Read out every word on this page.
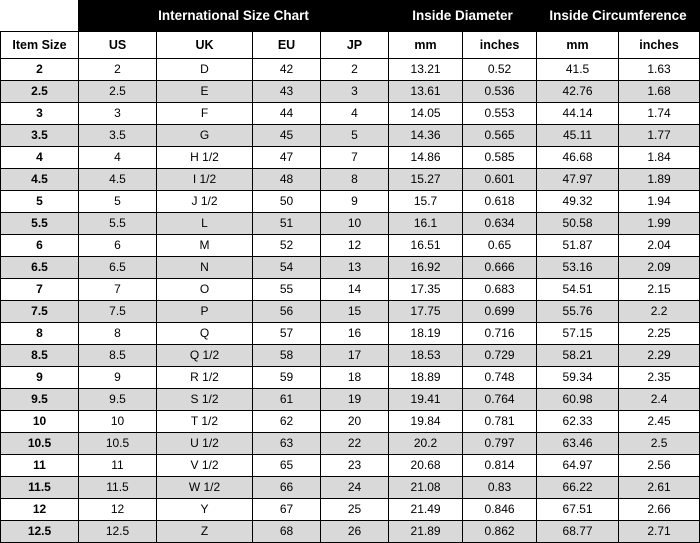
	International Size Chart				Inside Diameter		Inside Circumference	
Item Size	US	UK	EU	JP	mm	inches	mm	inches
2	2	D	42	2	13.21	0.52	41.5	1.63
2.5	2.5	E	43	3	13.61	0.536	42.76	1.68
3	3	F	44	4	14.05	0.553	44.14	1.74
3.5	3.5	G	45	5	14.36	0.565	45.11	1.77
4	4	H 1/2	47	7	14.86	0.585	46.68	1.84
4.5	4.5	I 1/2	48	8	15.27	0.601	47.97	1.89
5	5	J 1/2	50	9	15.7	0.618	49.32	1.94
5.5	5.5	L	51	10	16.1	0.634	50.58	1.99
6	6	M	52	12	16.51	0.65	51.87	2.04
6.5	6.5	N	54	13	16.92	0.666	53.16	2.09
7	7	O	55	14	17.35	0.683	54.51	2.15
7.5	7.5	P	56	15	17.75	0.699	55.76	2.2
8	8	Q	57	16	18.19	0.716	57.15	2.25
8.5	8.5	Q 1/2	58	17	18.53	0.729	58.21	2.29
9	9	R 1/2	59	18	18.89	0.748	59.34	2.35
9.5	9.5	S 1/2	61	19	19.41	0.764	60.98	2.4
10	10	T 1/2	62	20	19.84	0.781	62.33	2.45
10.5	10.5	U 1/2	63	22	20.2	0.797	63.46	2.5
11	11	V 1/2	65	23	20.68	0.814	64.97	2.56
11.5	11.5	W 1/2	66	24	21.08	0.83	66.22	2.61
12	12	Y	67	25	21.49	0.846	67.51	2.66
12.5	12.5	Z	68	26	21.89	0.862	68.77	2.71
